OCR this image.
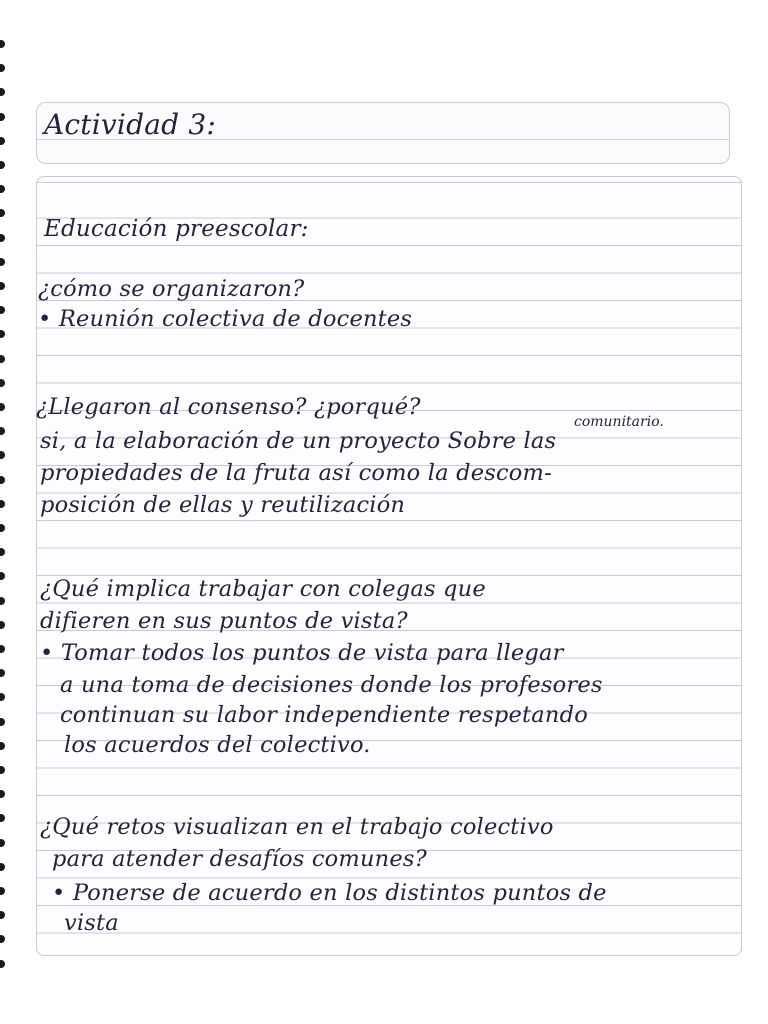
Actividad 3:
Educación preescolar:
¿cómo se organizaron?
• Reunión colectiva de docentes
¿Llegaron al consenso? ¿porqué?
comunitario.
si, a la elaboración de un proyecto Sobre las
propiedades de la fruta así como la descom-
posición de ellas y reutilización
¿Qué implica trabajar con colegas que
difieren en sus puntos de vista?
• Tomar todos los puntos de vista para llegar
a una toma de decisiones donde los profesores
continuan su labor independiente respetando
los acuerdos del colectivo.
¿Qué retos visualizan en el trabajo colectivo
para atender desafíos comunes?
• Ponerse de acuerdo en los distintos puntos de
vista
